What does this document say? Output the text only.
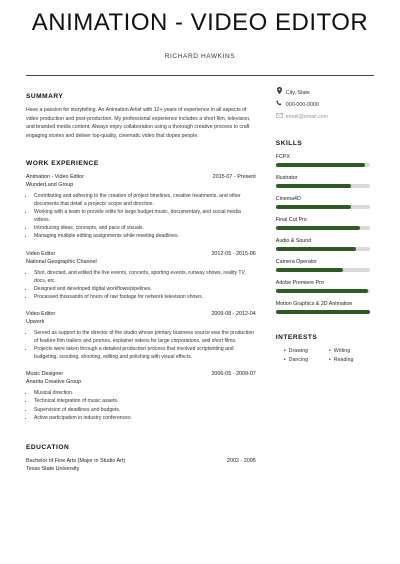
ANIMATION - VIDEO EDITOR
RICHARD HAWKINS
SUMMARY

Have a passion for storytelling. An Animation Artist with 12+ years of experience in all aspects of video production and post-production. My professional experience includes a short film, television, and branded media content. Always enjoy collaboration using a thorough creative process to craft engaging stories and deliver top-quality, cinematic video that dopes people.

WORK EXPERIENCE
Animation - Video Editor	2015-07 - Present
WunderLand Group
• Contributing and adhering to the creation of project timelines, creative treatments, and other documents that detail a projects' scope and direction.
• Working with a team to provide edits for large budget music, documentary, and social media videos.
• Introducing ideas, concepts, and pace of visuals.
• Managing multiple editing assignments while meeting deadlines.
Video Editor	2012-05 - 2015-06
National Geographic Channel
• Shot, directed, and edited the live events, concerts, sporting events, runway shows, reality TV, docs, etc.
• Designed and developed digital workflows/pipelines.
• Processed thousands of hours of raw footage for network television shows.
Video Editor	2009-08 - 2012-04
Upwork
• Served as support to the director of the studio whose primary business source was the production of feature film trailers and promos, explainer videos for large corporations, and short films.
• Projects were taken through a detailed production process that involved scriptwriting and budgeting, scouting, shooting, editing and polishing with visual effects.
Music Designer	2006-05 - 2009-07
Ananta Creative Group
• Musical direction.
• Technical integration of music assets.
• Supervision of deadlines and budgets.
• Active participation in industry conferences.
EDUCATION
Bachelor of Fine Arts (Major in Studio Art)	2002 - 2005
Texas State University
City, State
000-000-0000
email@email.com
SKILLS
FCPX
Illustrator
Cinema4D
Final Cut Pro
Audio & Sound
Camera Operator
Adobe Premiere Pro
Motion Graphics & 2D Animation
INTERESTS
• Drawing	• Writing
• Dancing	• Reading
